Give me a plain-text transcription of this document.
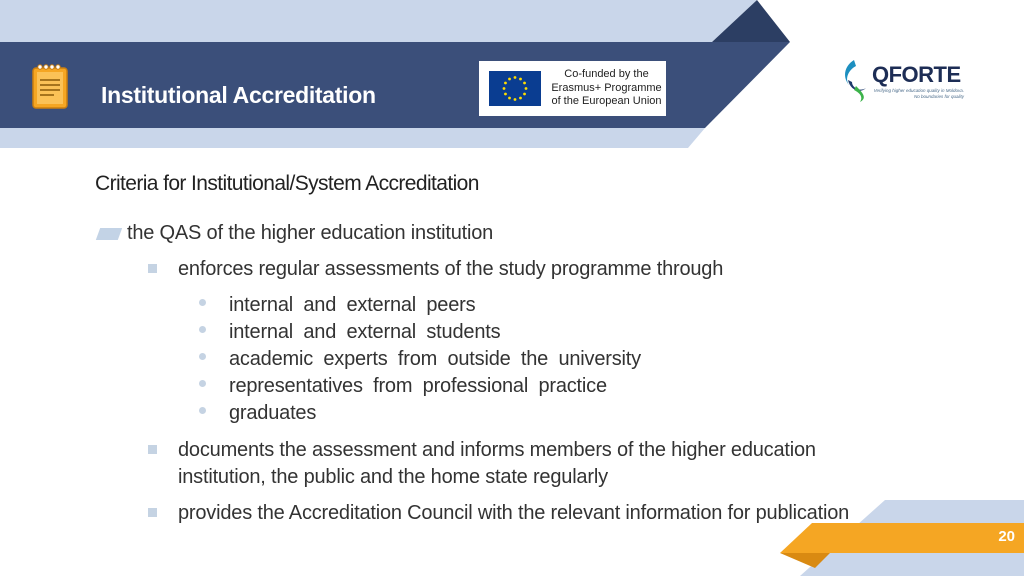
Institutional Accreditation
Co-funded by the
Erasmus+ Programme
of the European Union
QFORTE
Verifying higher education quality in Moldova. No boundaries for quality
Criteria for Institutional/System Accreditation
the QAS of the higher education institution
enforces regular assessments of the study programme through
internal and external peers
internal and external students
academic experts from outside the university
representatives from professional practice
graduates
documents the assessment and informs members of the higher education
institution, the public and the home state regularly
provides the Accreditation Council with the relevant information for publication
20
